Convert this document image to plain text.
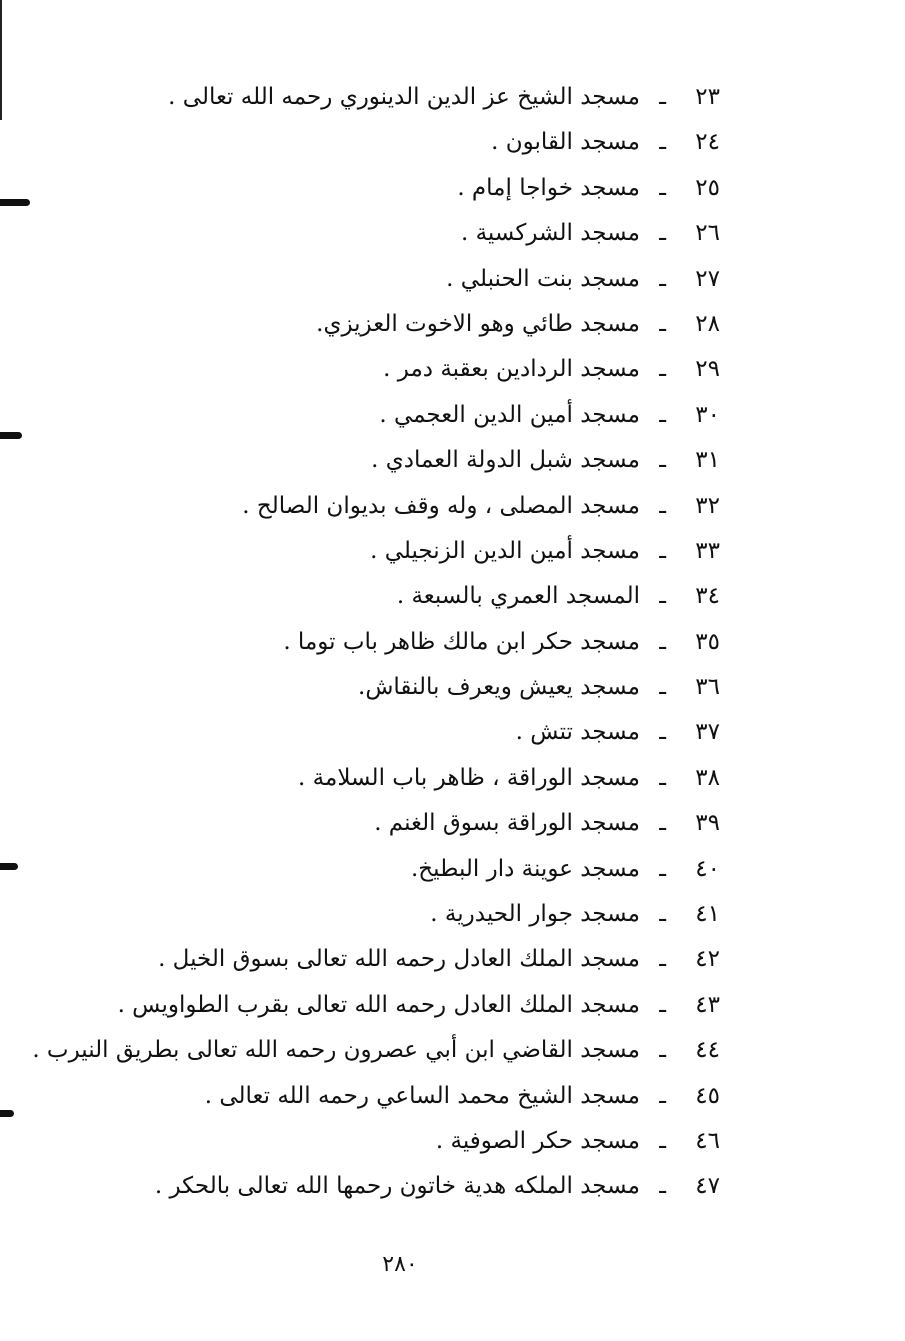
٢٣
ـ
مسجد الشيخ عز الدين الدينوري رحمه الله تعالى .
٢٤
ـ
مسجد القابون .
٢٥
ـ
مسجد خواجا إمام .
٢٦
ـ
مسجد الشركسية .
٢٧
ـ
مسجد بنت الحنبلي .
٢٨
ـ
مسجد طائي وهو الاخوت العزيزي.
٢٩
ـ
مسجد الردادين بعقبة دمر .
٣٠
ـ
مسجد أمين الدين العجمي .
٣١
ـ
مسجد شبل الدولة العمادي .
٣٢
ـ
مسجد المصلى ، وله وقف بديوان الصالح .
٣٣
ـ
مسجد أمين الدين الزنجيلي .
٣٤
ـ
المسجد العمري بالسبعة .
٣٥
ـ
مسجد حكر ابن مالك ظاهر باب توما .
٣٦
ـ
مسجد يعيش ويعرف بالنقاش.
٣٧
ـ
مسجد تتش .
٣٨
ـ
مسجد الوراقة ، ظاهر باب السلامة .
٣٩
ـ
مسجد الوراقة بسوق الغنم .
٤٠
ـ
مسجد عوينة دار البطيخ.
٤١
ـ
مسجد جوار الحيدرية .
٤٢
ـ
مسجد الملك العادل رحمه الله تعالى بسوق الخيل .
٤٣
ـ
مسجد الملك العادل رحمه الله تعالى بقرب الطواويس .
٤٤
ـ
مسجد القاضي ابن أبي عصرون رحمه الله تعالى بطريق النيرب .
٤٥
ـ
مسجد الشيخ محمد الساعي رحمه الله تعالى .
٤٦
ـ
مسجد حكر الصوفية .
٤٧
ـ
مسجد الملكه هدية خاتون رحمها الله تعالى بالحكر .
٢٨٠
